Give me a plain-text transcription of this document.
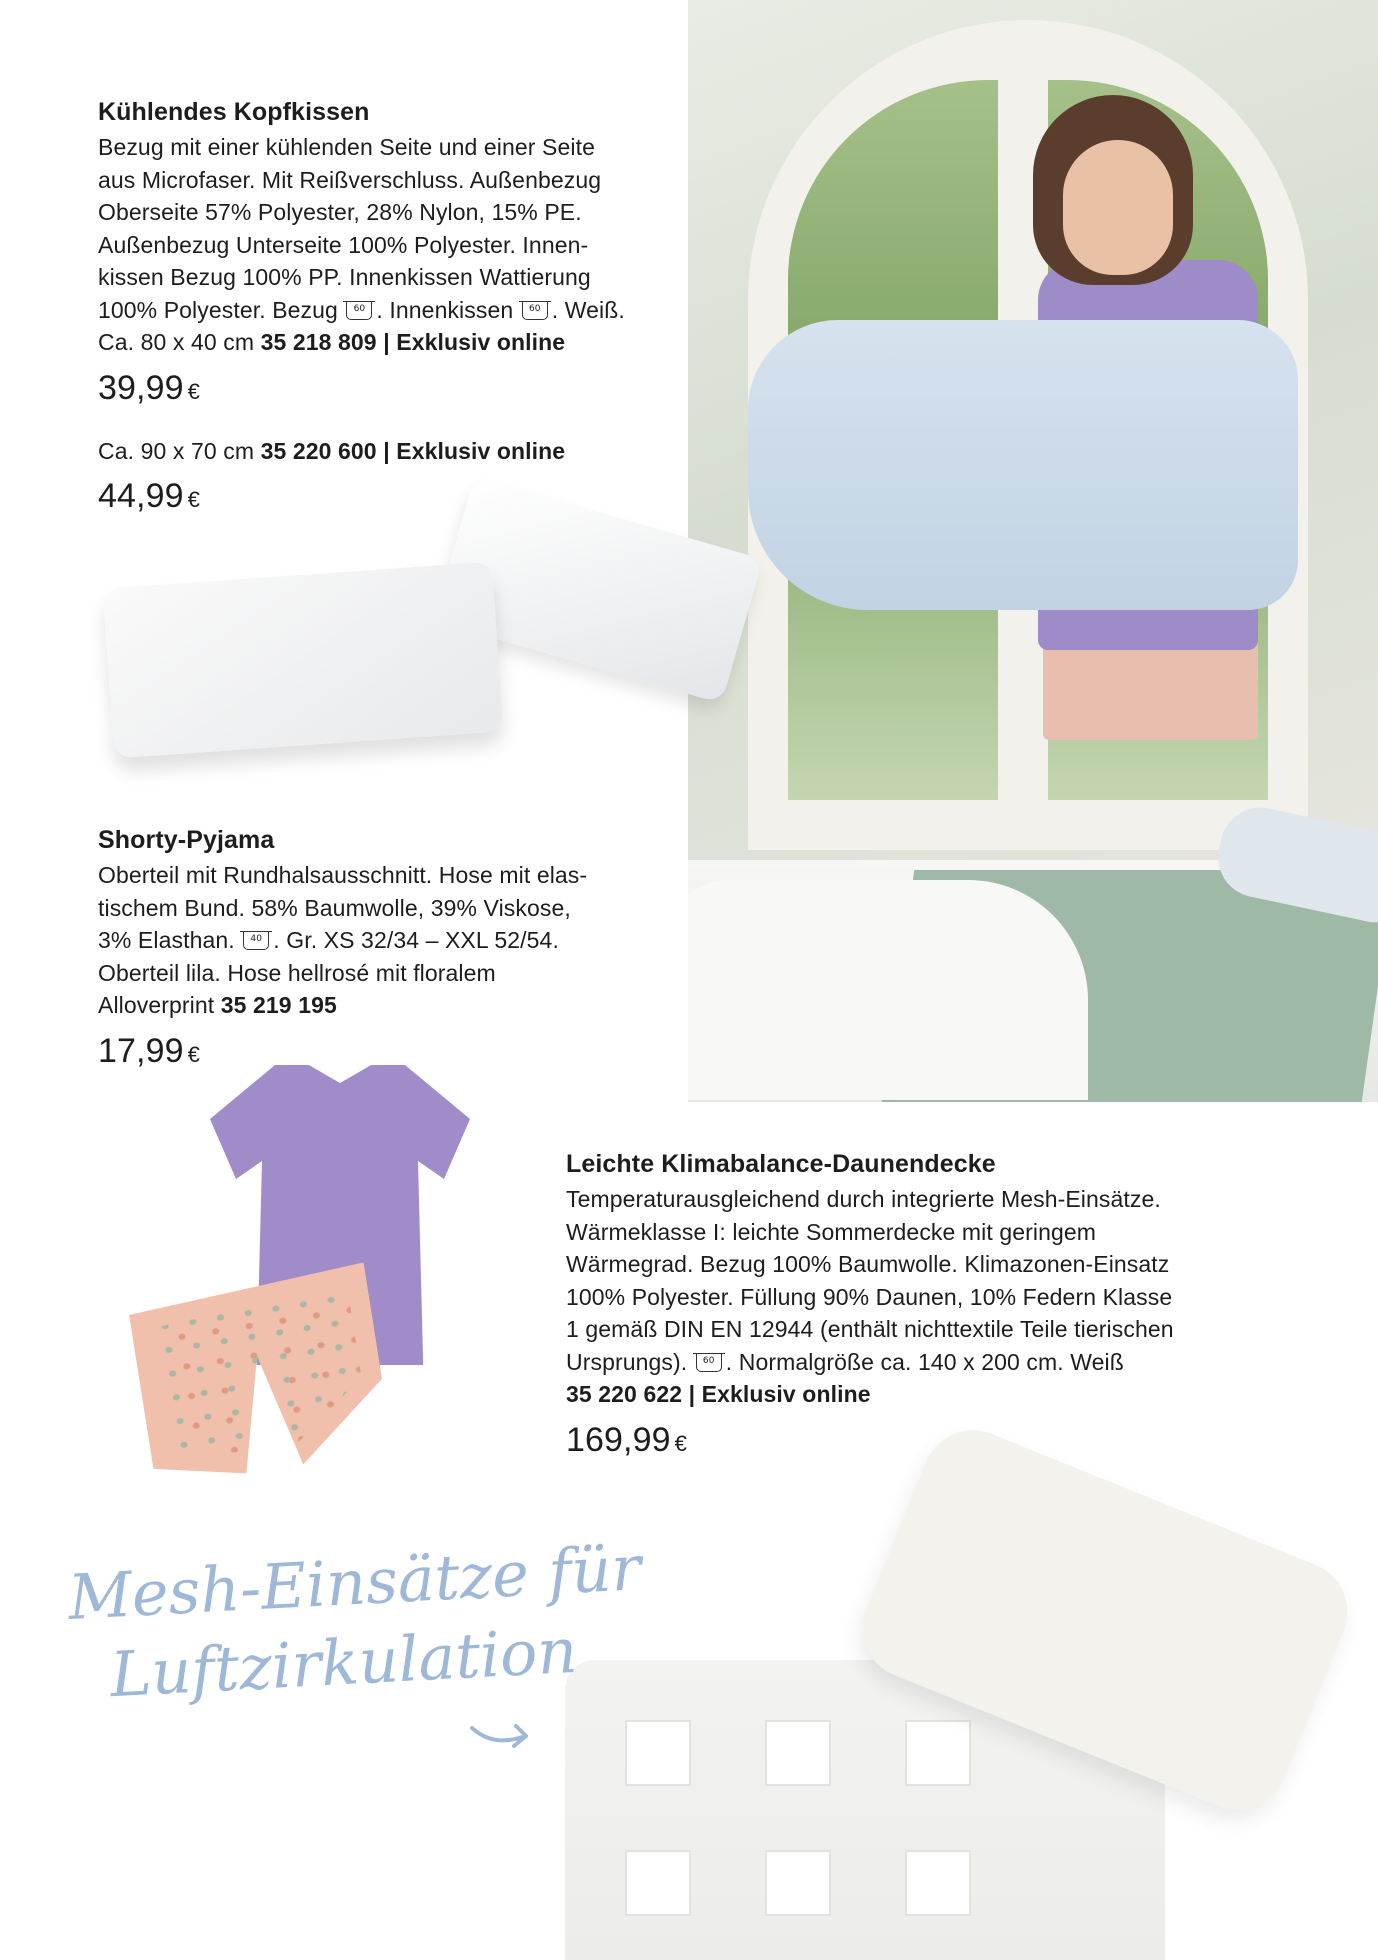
Kühlendes Kopfkissen
Bezug mit einer kühlenden Seite und einer Seite
aus Microfaser. Mit Reißverschluss. Außenbezug
Oberseite 57% Polyester, 28% Nylon, 15% PE.
Außenbezug Unterseite 100% Polyester. Innen-
kissen Bezug 100% PP. Innenkissen Wattierung
100% Polyester. Bezug	60 . Innenkissen	60 . Weiß.
Ca. 80 x 40 cm 35 218 809 | Exklusiv online
39,99 €
Ca. 90 x 70 cm 35 220 600 | Exklusiv online
44,99 €
Shorty-Pyjama
Oberteil mit Rundhalsausschnitt. Hose mit elas-
tischem Bund. 58% Baumwolle, 39% Viskose,
3% Elasthan.	40 . Gr. XS 32/34 – XXL 52/54.
Oberteil lila. Hose hellrosé mit floralem
Alloverprint 35 219 195
17,99 €
Leichte Klimabalance-Daunendecke
Temperaturausgleichend durch integrierte Mesh-Einsätze.
Wärmeklasse I: leichte Sommerdecke mit geringem
Wärmegrad. Bezug 100% Baumwolle. Klimazonen-Einsatz
100% Polyester. Füllung 90% Daunen, 10% Federn Klasse
1 gemäß DIN EN 12944 (enthält nichttextile Teile tierischen
Ursprungs).	60 . Normalgröße ca. 140 x 200 cm. Weiß
35 220 622 | Exklusiv online
169,99 €
Mesh-Einsätze für
Luftzirkulation
